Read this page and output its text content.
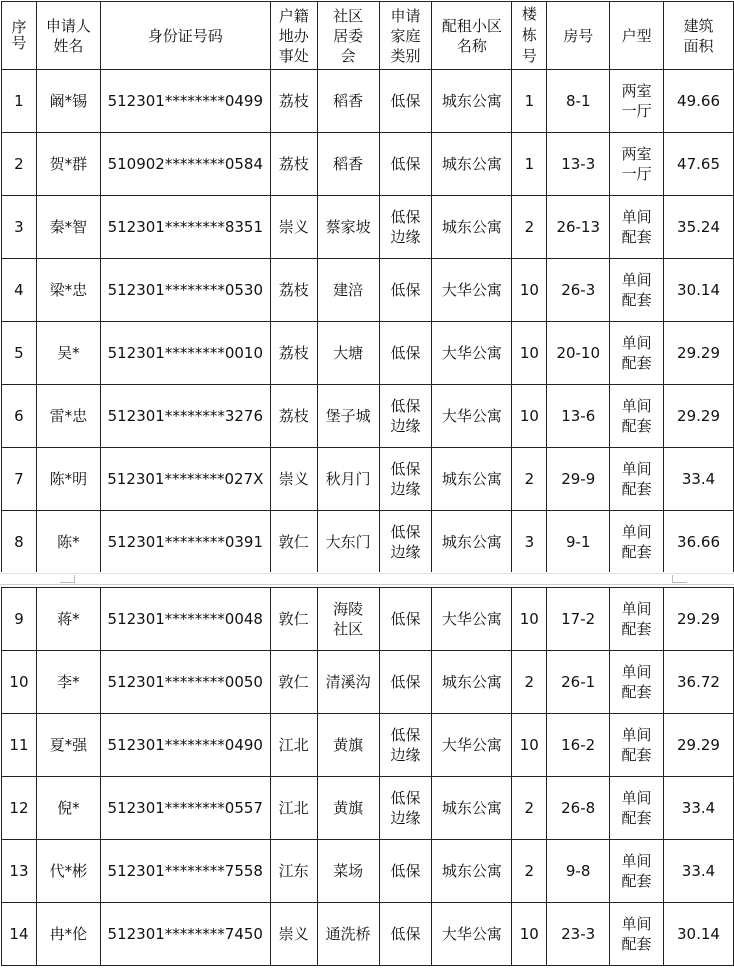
序号	申请人姓名	身份证号码	户籍地办事处	社区居委会	申请家庭类别	配租小区名称	楼栋号	房号	户型	建筑面积
1	阚*锡	512301********0499	荔枝	稻香	低保	城东公寓	1	8-1	两室一厅	49.66
2	贺*群	510902********0584	荔枝	稻香	低保	城东公寓	1	13-3	两室一厅	47.65
3	秦*智	512301********8351	崇义	蔡家坡	低保边缘	城东公寓	2	26-13	单间配套	35.24
4	梁*忠	512301********0530	荔枝	建涪	低保	大华公寓	10	26-3	单间配套	30.14
5	吴*	512301********0010	荔枝	大塘	低保	大华公寓	10	20-10	单间配套	29.29
6	雷*忠	512301********3276	荔枝	堡子城	低保边缘	大华公寓	10	13-6	单间配套	29.29
7	陈*明	512301********027X	崇义	秋月门	低保边缘	城东公寓	2	29-9	单间配套	33.4
8	陈*	512301********0391	敦仁	大东门	低保边缘	城东公寓	3	9-1	单间配套	36.66
9	蒋*	512301********0048	敦仁	海陵社区	低保	大华公寓	10	17-2	单间配套	29.29
10	李*	512301********0050	敦仁	清溪沟	低保	城东公寓	2	26-1	单间配套	36.72
11	夏*强	512301********0490	江北	黄旗	低保边缘	大华公寓	10	16-2	单间配套	29.29
12	倪*	512301********0557	江北	黄旗	低保边缘	城东公寓	2	26-8	单间配套	33.4
13	代*彬	512301********7558	江东	菜场	低保	城东公寓	2	9-8	单间配套	33.4
14	冉*伦	512301********7450	崇义	通洗桥	低保	大华公寓	10	23-3	单间配套	30.14
